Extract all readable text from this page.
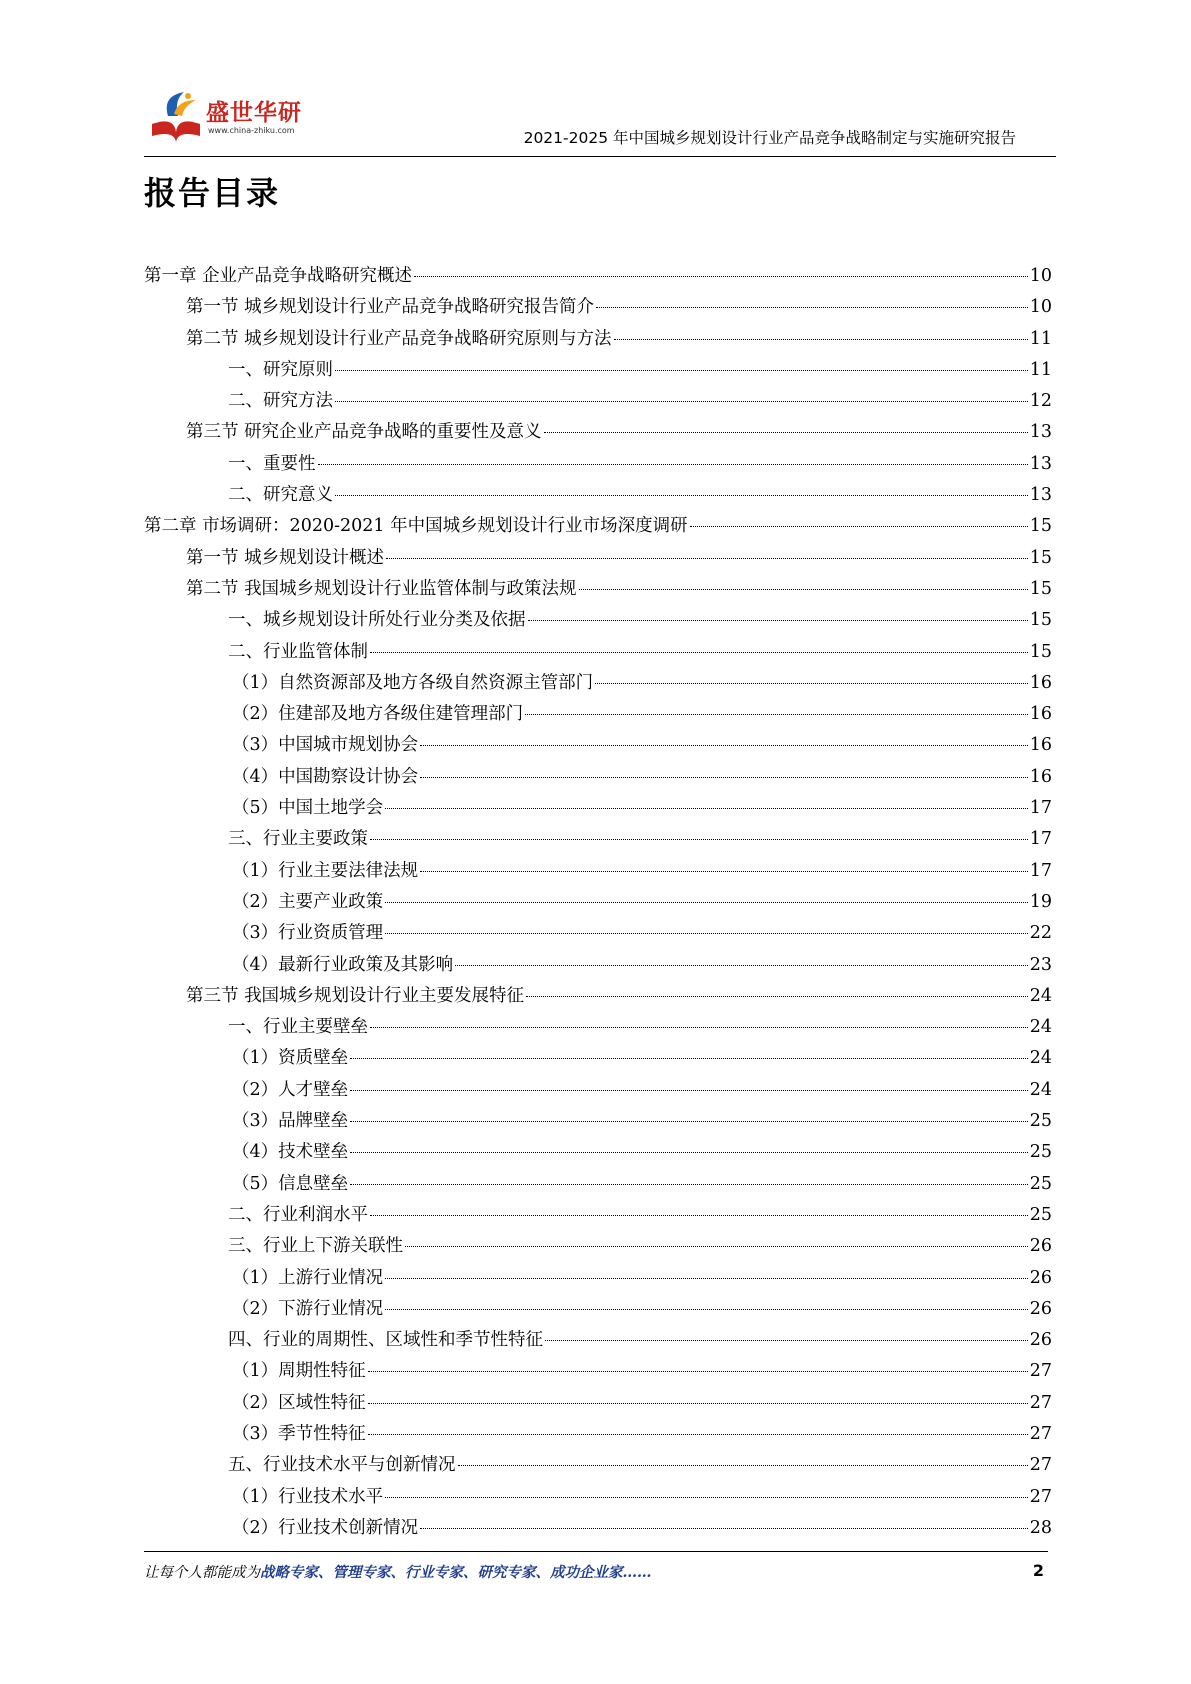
盛世华研
www.china-zhiku.com	2021-2025 年中国城乡规划设计行业产品竞争战略制定与实施研究报告
报告目录
第一章 企业产品竞争战略研究概述	10
第一节 城乡规划设计行业产品竞争战略研究报告简介	10
第二节 城乡规划设计行业产品竞争战略研究原则与方法	11
一、研究原则	11
二、研究方法	12
第三节 研究企业产品竞争战略的重要性及意义	13
一、重要性	13
二、研究意义	13
第二章 市场调研：2020-2021 年中国城乡规划设计行业市场深度调研	15
第一节 城乡规划设计概述	15
第二节 我国城乡规划设计行业监管体制与政策法规	15
一、城乡规划设计所处行业分类及依据	15
二、行业监管体制	15
（1）自然资源部及地方各级自然资源主管部门	16
（2）住建部及地方各级住建管理部门	16
（3）中国城市规划协会	16
（4）中国勘察设计协会	16
（5）中国土地学会	17
三、行业主要政策	17
（1）行业主要法律法规	17
（2）主要产业政策	19
（3）行业资质管理	22
（4）最新行业政策及其影响	23
第三节 我国城乡规划设计行业主要发展特征	24
一、行业主要壁垒	24
（1）资质壁垒	24
（2）人才壁垒	24
（3）品牌壁垒	25
（4）技术壁垒	25
（5）信息壁垒	25
二、行业利润水平	25
三、行业上下游关联性	26
（1）上游行业情况	26
（2）下游行业情况	26
四、行业的周期性、区域性和季节性特征	26
（1）周期性特征	27
（2）区域性特征	27
（3）季节性特征	27
五、行业技术水平与创新情况	27
（1）行业技术水平	27
（2）行业技术创新情况	28
让每个人都能成为战略专家、管理专家、行业专家、研究专家、成功企业家……	2
